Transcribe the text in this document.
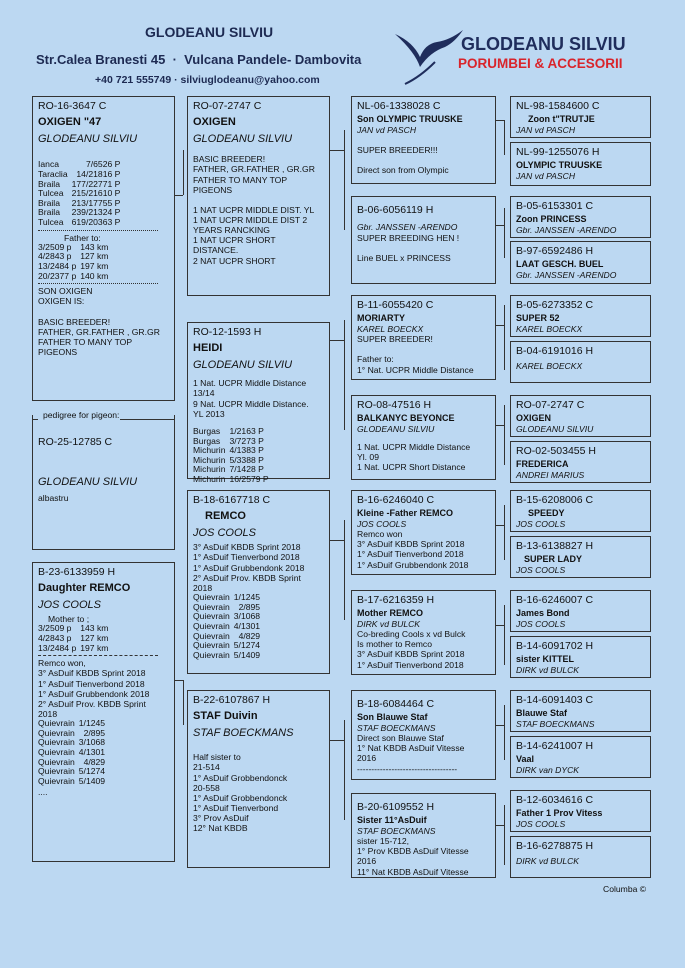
GLODEANU SILVIU
Str.Calea Branesti 45  ·  Vulcana Pandele- Dambovita
+40 721 555749 · silviuglodeanu@yahoo.com
GLODEANU SILVIU
PORUMBEI & ACCESORII
RO-16-3647 C
OXIGEN "47
GLODEANU SILVIU
Ianca	7/6526 P
Taraclia	14/21816 P
Braila	177/22771 P
Tulcea	215/21610 P
Braila	213/17755 P
Braila	239/21324 P
Tulcea	619/20363 P
Father to:
3/2509 p	143 km
4/2843 p	127 km
13/2484 p	197 km
20/2377 p	140 km
SON OXIGEN
OXIGEN IS:
BASIC BREEDER!
FATHER, GR.FATHER , GR.GR
FATHER TO MANY TOP
PIGEONS
pedigree for pigeon:
RO-25-12785 C
GLODEANU SILVIU
albastru
B-23-6133959 H
Daughter REMCO
JOS COOLS
Mother to ;
3/2509 p	143 km
4/2843 p	127 km
13/2484 p	197 km
Remco won,
3° AsDuif KBDB Sprint 2018
1° AsDuif Tienverbond 2018
1° AsDuif Grubbendonk 2018
2° AsDuif Prov. KBDB Sprint
2018
Quievrain	1/1245
Quievrain	2/895
Quievrain	3/1068
Quievrain	4/1301
Quievrain	4/829
Quievrain	5/1274
Quievrain	5/1409
....
RO-07-2747 C
OXIGEN
GLODEANU SILVIU
BASIC BREEDER!
FATHER, GR.FATHER , GR.GR
FATHER TO MANY TOP
PIGEONS
1 NAT UCPR MIDDLE DIST. YL
1 NAT UCPR MIDDLE DIST 2
YEARS RANCKING
1 NAT UCPR SHORT
DISTANCE.
2 NAT UCPR SHORT
RO-12-1593 H
HEIDI
GLODEANU SILVIU
1 Nat. UCPR Middle Distance
13/14
9 Nat. UCPR Middle Distance.
YL 2013
Burgas	1/2163 P
Burgas	3/7273 P
Michurin	4/1383 P
Michurin	5/3388 P
Michurin	7/1428 P
Michurin	16/2579 P
B-18-6167718 C
REMCO
JOS COOLS
3° AsDuif KBDB Sprint 2018
1° AsDuif Tienverbond 2018
1° AsDuif Grubbendonk 2018
2° AsDuif Prov. KBDB Sprint
2018
Quievrain	1/1245
Quievrain	2/895
Quievrain	3/1068
Quievrain	4/1301
Quievrain	4/829
Quievrain	5/1274
Quievrain	5/1409
B-22-6107867 H
STAF Duivin
STAF BOECKMANS
Half sister to
21-514
1° AsDuif Grobbendonck
20-558
1° AsDuif Grobbendonck
1° AsDuif Tienverbond
3° Prov AsDuif
12° Nat KBDB
NL-06-1338028 C
Son OLYMPIC TRUUSKE
JAN vd PASCH
SUPER BREEDER!!!

Direct son from Olympic
B-06-6056119 H
Gbr. JANSSEN -ARENDO
SUPER BREEDING HEN !

Line BUEL x PRINCESS
B-11-6055420 C
MORIARTY
KAREL BOECKX
SUPER BREEDER!

Father to:
1° Nat. UCPR Middle Distance
RO-08-47516 H
BALKANYC BEYONCE
GLODEANU SILVIU
1 Nat. UCPR Middle Distance
Yl. 09
1 Nat. UCPR Short Distance
B-16-6246040 C
Kleine -Father REMCO
JOS COOLS
Remco won
3° AsDuif KBDB Sprint 2018
1° AsDuif Tienverbond 2018
1° AsDuif Grubbendonk 2018
B-17-6216359 H
Mother REMCO
DIRK vd BULCK
Co-breding Cools x vd Bulck
Is mother to Remco
3° AsDuif KBDB Sprint 2018
1° AsDuif Tienverbond 2018
B-18-6084464 C
Son Blauwe Staf
STAF BOECKMANS
Direct son Blauwe Staf
1° Nat KBDB AsDuif Vitesse
2016
-----------------------------------
B-20-6109552 H
Sister 11°AsDuif
STAF BOECKMANS
sister 15-712,
1° Prov KBDB AsDuif Vitesse
2016
11° Nat KBDB AsDuif Vitesse
NL-98-1584600 C
Zoon t"TRUTJE
JAN vd PASCH
NL-99-1255076 H
OLYMPIC TRUUSKE
JAN vd PASCH
B-05-6153301 C
Zoon PRINCESS
Gbr. JANSSEN -ARENDO
B-97-6592486 H
LAAT GESCH. BUEL
Gbr. JANSSEN -ARENDO
B-05-6273352 C
SUPER 52
KAREL BOECKX
B-04-6191016 H
KAREL BOECKX
RO-07-2747 C
OXIGEN
GLODEANU SILVIU
RO-02-503455 H
FREDERICA
ANDREI MARIUS
B-15-6208006 C
SPEEDY
JOS COOLS
B-13-6138827 H
SUPER LADY
JOS COOLS
B-16-6246007 C
James Bond
JOS COOLS
B-14-6091702 H
sister KITTEL
DIRK vd BULCK
B-14-6091403 C
Blauwe Staf
STAF BOECKMANS
B-14-6241007 H
Vaal
DIRK van DYCK
B-12-6034616 C
Father 1 Prov Vitess
JOS COOLS
B-16-6278875 H
DIRK vd BULCK
Columba ©
